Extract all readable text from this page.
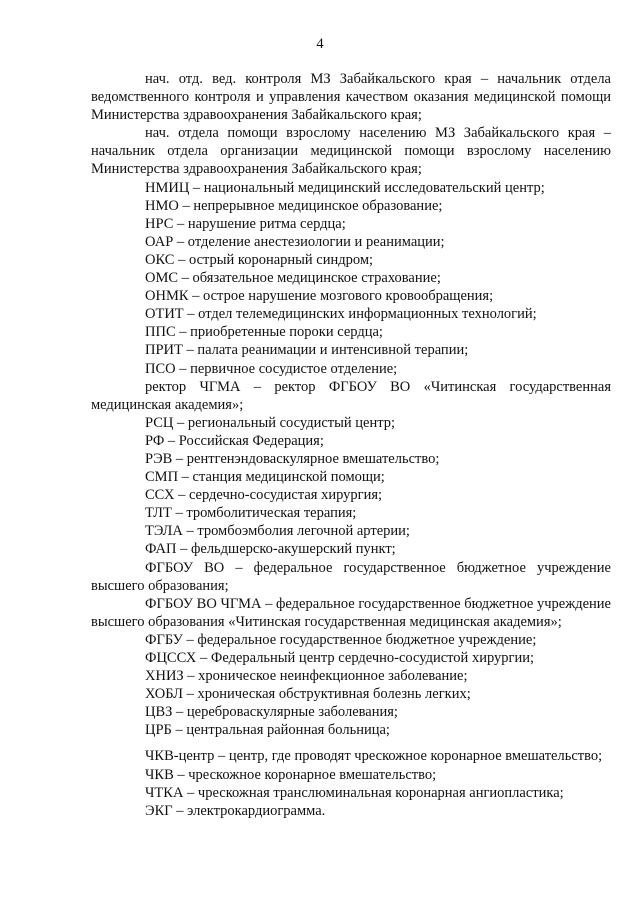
4

нач. отд. вед. контроля МЗ Забайкальского края – начальник отдела ведомственного контроля и управления качеством оказания медицинской помощи Министерства здравоохранения Забайкальского края;

нач. отдела помощи взрослому населению МЗ Забайкальского края – начальник отдела организации медицинской помощи взрослому населению Министерства здравоохранения Забайкальского края;

НМИЦ – национальный медицинский исследовательский центр;

НМО – непрерывное медицинское образование;

НРС – нарушение ритма сердца;

ОАР – отделение анестезиологии и реанимации;

ОКС – острый коронарный синдром;

ОМС – обязательное медицинское страхование;

ОНМК – острое нарушение мозгового кровообращения;

ОТИТ – отдел телемедицинских информационных технологий;

ППС – приобретенные пороки сердца;

ПРИТ – палата реанимации и интенсивной терапии;

ПСО – первичное сосудистое отделение;

ректор ЧГМА – ректор ФГБОУ ВО «Читинская государственная медицинская академия»;

РСЦ – региональный сосудистый центр;

РФ – Российская Федерация;

РЭВ – рентгенэндоваскулярное вмешательство;

СМП – станция медицинской помощи;

ССХ – сердечно-сосудистая хирургия;

ТЛТ – тромболитическая терапия;

ТЭЛА – тромбоэмболия легочной артерии;

ФАП – фельдшерско-акушерский пункт;

ФГБОУ ВО – федеральное государственное бюджетное учреждение высшего образования;

ФГБОУ ВО ЧГМА – федеральное государственное бюджетное учреждение высшего образования «Читинская государственная медицинская академия»;

ФГБУ – федеральное государственное бюджетное учреждение;

ФЦССХ – Федеральный центр сердечно-сосудистой хирургии;

ХНИЗ – хроническое неинфекционное заболевание;

ХОБЛ – хроническая обструктивная болезнь легких;

ЦВЗ – цереброваскулярные заболевания;

ЦРБ – центральная районная больница;

ЧКВ-центр – центр, где проводят чрескожное коронарное вмешательство;

ЧКВ – чрескожное коронарное вмешательство;

ЧТКА – чрескожная транслюминальная коронарная ангиопластика;

ЭКГ – электрокардиограмма.
